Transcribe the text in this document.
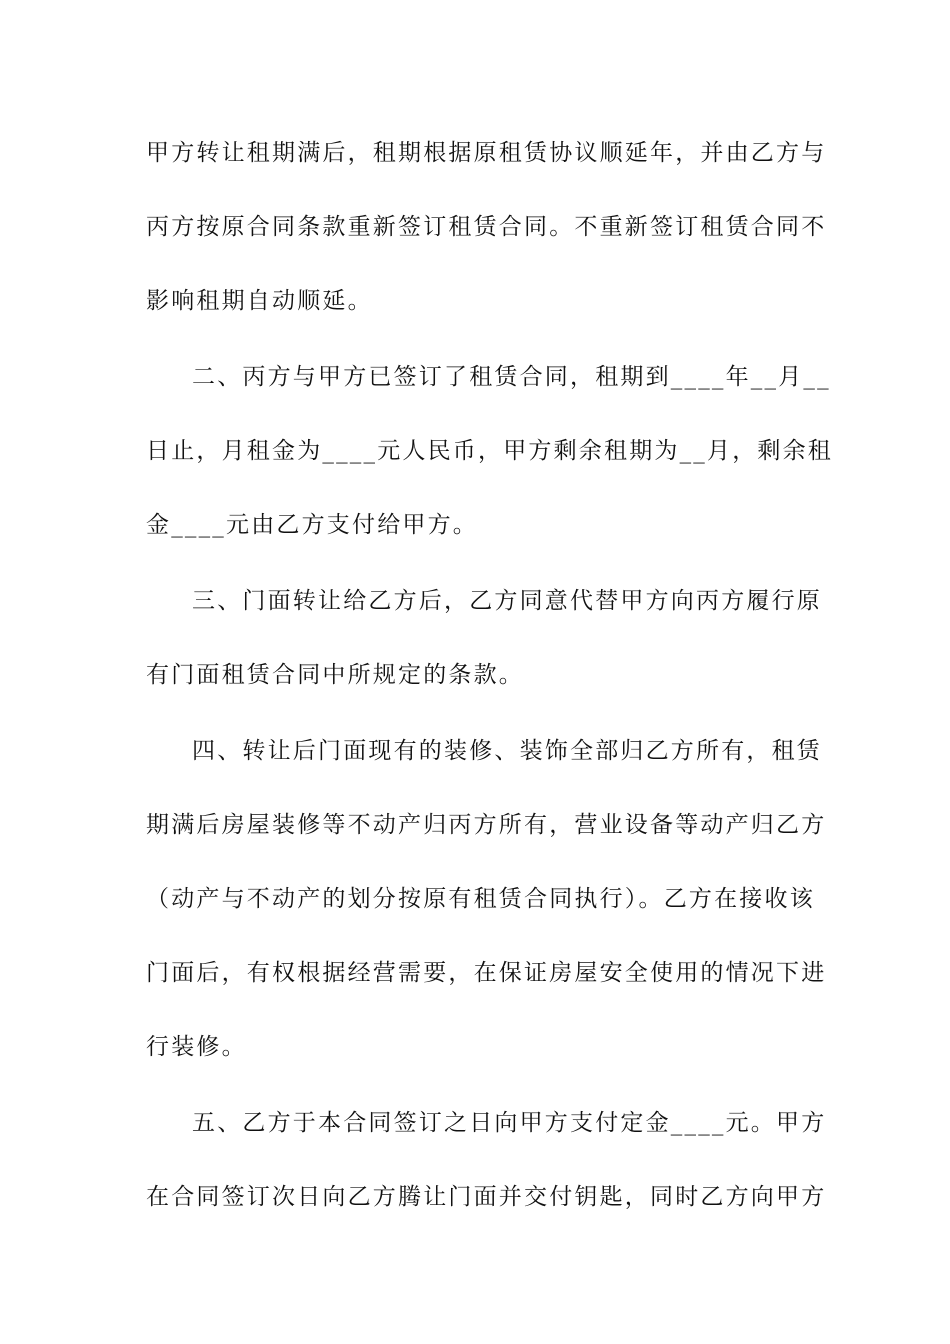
甲方转让租期满后，租期根据原租赁协议顺延年，并由乙方与
丙方按原合同条款重新签订租赁合同。不重新签订租赁合同不
影响租期自动顺延。
二、丙方与甲方已签订了租赁合同，租期到____年__月__
日止，月租金为____元人民币，甲方剩余租期为__月，剩余租
金____元由乙方支付给甲方。
三、门面转让给乙方后，乙方同意代替甲方向丙方履行原
有门面租赁合同中所规定的条款。
四、转让后门面现有的装修、装饰全部归乙方所有，租赁
期满后房屋装修等不动产归丙方所有，营业设备等动产归乙方
（动产与不动产的划分按原有租赁合同执行）。乙方在接收该
门面后，有权根据经营需要，在保证房屋安全使用的情况下进
行装修。
五、乙方于本合同签订之日向甲方支付定金____元。甲方
在合同签订次日向乙方腾让门面并交付钥匙，同时乙方向甲方
